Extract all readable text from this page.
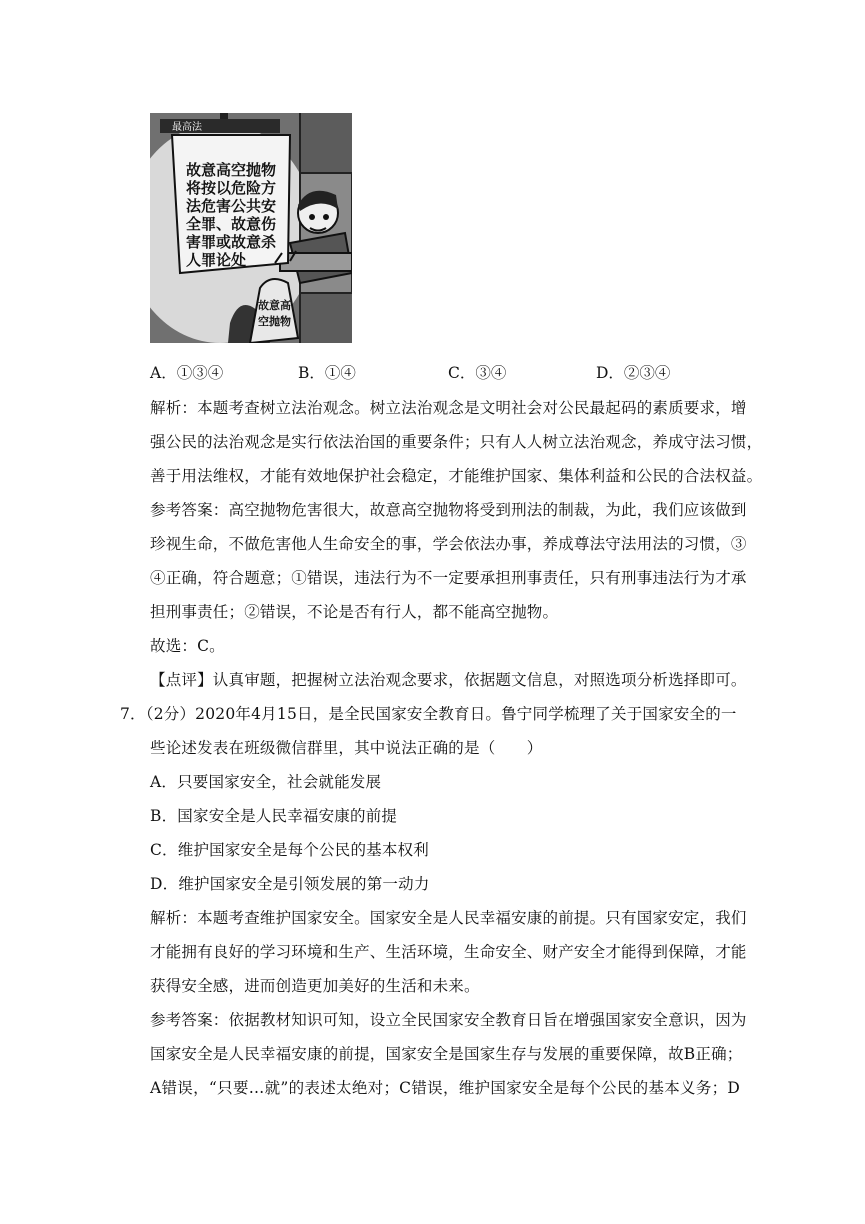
最高法
故意高空抛物
将按以危险方
法危害公共安
全罪、故意伤
害罪或故意杀
人罪论处
故意高
空抛物
A．①③④	B．①④	C．③④	D．②③④
解析：本题考查树立法治观念。树立法治观念是文明社会对公民最起码的素质要求，增
强公民的法治观念是实行依法治国的重要条件；只有人人树立法治观念，养成守法习惯，
善于用法维权，才能有效地保护社会稳定，才能维护国家、集体利益和公民的合法权益。
参考答案：高空抛物危害很大，故意高空抛物将受到刑法的制裁，为此，我们应该做到
珍视生命，不做危害他人生命安全的事，学会依法办事，养成尊法守法用法的习惯，③
④正确，符合题意；①错误，违法行为不一定要承担刑事责任，只有刑事违法行为才承
担刑事责任；②错误，不论是否有行人，都不能高空抛物。
故选：C。
【点评】认真审题，把握树立法治观念要求，依据题文信息，对照选项分析选择即可。
7．（2分）2020年4月15日，是全民国家安全教育日。鲁宁同学梳理了关于国家安全的一
些论述发表在班级微信群里，其中说法正确的是（　　）
A．只要国家安全，社会就能发展
B．国家安全是人民幸福安康的前提
C．维护国家安全是每个公民的基本权利
D．维护国家安全是引领发展的第一动力
解析：本题考查维护国家安全。国家安全是人民幸福安康的前提。只有国家安定，我们
才能拥有良好的学习环境和生产、生活环境，生命安全、财产安全才能得到保障，才能
获得安全感，进而创造更加美好的生活和未来。
参考答案：依据教材知识可知，设立全民国家安全教育日旨在增强国家安全意识，因为
国家安全是人民幸福安康的前提，国家安全是国家生存与发展的重要保障，故B正确；
A错误，“只要…就”的表述太绝对；C错误，维护国家安全是每个公民的基本义务；D
